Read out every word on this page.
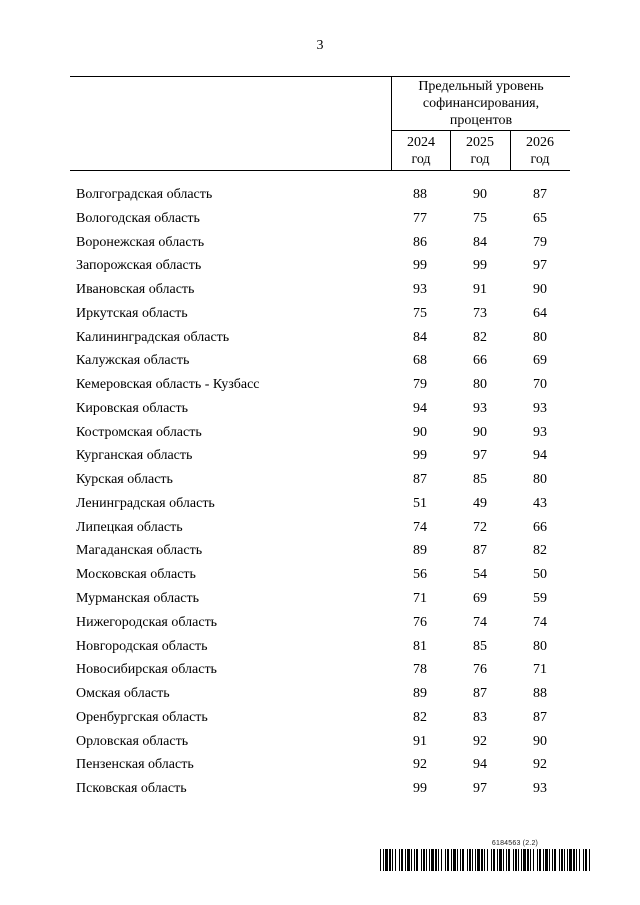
3
Предельный уровень софинансирования, процентов
2024
год
2025
год
2026
год
Волгоградская область	88	90	87
Вологодская область	77	75	65
Воронежская область	86	84	79
Запорожская область	99	99	97
Ивановская область	93	91	90
Иркутская область	75	73	64
Калининградская область	84	82	80
Калужская область	68	66	69
Кемеровская область - Кузбасс	79	80	70
Кировская область	94	93	93
Костромская область	90	90	93
Курганская область	99	97	94
Курская область	87	85	80
Ленинградская область	51	49	43
Липецкая область	74	72	66
Магаданская область	89	87	82
Московская область	56	54	50
Мурманская область	71	69	59
Нижегородская область	76	74	74
Новгородская область	81	85	80
Новосибирская область	78	76	71
Омская область	89	87	88
Оренбургская область	82	83	87
Орловская область	91	92	90
Пензенская область	92	94	92
Псковская область	99	97	93
6184563 (2.2)
